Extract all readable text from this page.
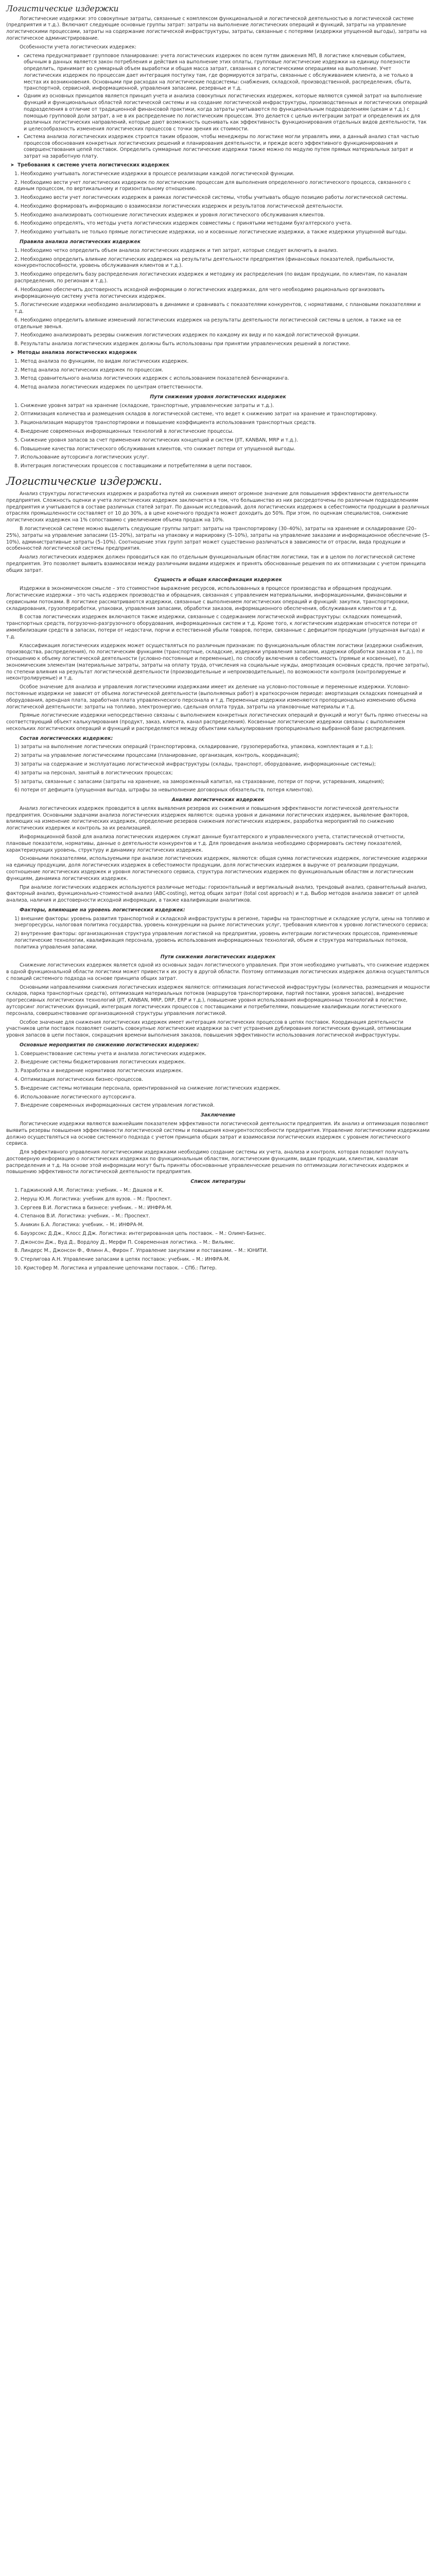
Логистические издержки

Логистические издержки: это совокупные затраты, связанные с комплексом функциональной и логистической деятельностью в логистической системе (предприятия и т.д.). Включают следующие основные группы затрат: затраты на выполнение логистических операций и функций, затраты на управление логистическими процессами, затраты на содержание логистической инфраструктуры, затраты, связанные с потерями (издержки упущенной выгоды), затраты на логистическое администрирование.

Особенности учета логистических издержек:

• система предусматривает групповое планирование: учета логистических издержек по всем путям движения МП, В логистике ключевым событием, обычным в данных является закон потребления и действия на выполнение этих оплаты, групповые логистические издержки на единицу полезности определить, принимает во суммарный объем выработки и общая масса затрат, связанная с логистическими операциями на выполнение. Учет логистических издержек по процессам дает интеграция поступку там, где формируются затраты, связанные с обслуживанием клиента, а не только в местах их возникновения. Основными при расходах на логистические подсистемы: снабжения, складской, производственной, распределения, сбыта, транспортной, сервисной, информационной, управления запасами, резервные и т.д.
• Одним из основных принципов является принцип учета и анализа совокупных логистических издержек, которые являются суммой затрат на выполнение функций и функциональных областей логистической системы и на создание логистической инфраструктуры, производственных и логистических операций подразделения в отличие от традиционной финансовой практики, когда затраты учитываются по функциональным подразделениям (цехам и т.д.) с помощью групповой доли затрат, а не в их распределение по логистическим процессам. Это делается с целью интеграции затрат и определения их для различных логистических направлений, которые дают возможность оценивать как эффективность функционирования отдельных видов деятельности, так и целесообразность изменения логистических процессов с точки зрения их стоимости.
• Система анализа логистических издержек строится таким образом, чтобы менеджеры по логистике могли управлять ими, а данный анализ стал частью процессов обоснования конкретных логистических решений и планирования деятельности, и прежде всего эффективного функционирования и совершенствования цепей поставок. Определить суммарные логистические издержки также можно по модулю путем прямых материальных затрат и затрат на заработную плату.
➤ Требования к системе учета логистических издержек

1. Необходимо учитывать логистические издержки в процессе реализации каждой логистической функции.

2. Необходимо вести учет логистических издержек по логистическим процессам для выполнения определенного логистического процесса, связанного с единым процессом, по вертикальному и горизонтальному отношению.

3. Необходимо вести учет логистических издержек в рамках логистической системы, чтобы учитывать общую позицию работы логистической системы.

4. Необходимо формировать информацию о взаимосвязи логистических издержек и результатов логистической деятельности.

5. Необходимо анализировать соотношение логистических издержек и уровня логистического обслуживания клиентов.

6. Необходимо определять, что методы учета логистических издержек совместимы с принятыми методами бухгалтерского учета.

7. Необходимо учитывать не только прямые логистические издержки, но и косвенные логистические издержки, а также издержки упущенной выгоды.

Правила анализа логистических издержек

1. Необходимо четко определить объем анализа логистических издержек и тип затрат, которые следует включить в анализ.

2. Необходимо определить влияние логистических издержек на результаты деятельности предприятия (финансовых показателей, прибыльности, конкурентоспособности, уровень обслуживания клиентов и т.д.).

3. Необходимо определить базу распределения логистических издержек и методику их распределения (по видам продукции, по клиентам, по каналам распределения, по регионам и т.д.).

4. Необходимо обеспечить достоверность исходной информации о логистических издержках, для чего необходимо рационально организовать информационную систему учета логистических издержек.

5. Логистические издержки необходимо анализировать в динамике и сравнивать с показателями конкурентов, с нормативами, с плановыми показателями и т.д.

6. Необходимо определить влияние изменений логистических издержек на результаты деятельности логистической системы в целом, а также на ее отдельные звенья.

7. Необходимо анализировать резервы снижения логистических издержек по каждому их виду и по каждой логистической функции.

8. Результаты анализа логистических издержек должны быть использованы при принятии управленческих решений в логистике.

➤ Методы анализа логистических издержек

1. Метод анализа по функциям, по видам логистических издержек.

2. Метод анализа логистических издержек по процессам.

3. Метод сравнительного анализа логистических издержек с использованием показателей бенчмаркинга.

4. Метод анализа логистических издержек по центрам ответственности.

Пути снижения уровня логистических издержек

1. Снижение уровня затрат на хранение (складские, транспортные, управленческие затраты и т.д.).

2. Оптимизация количества и размещения складов в логистической системе, что ведет к снижению затрат на хранение и транспортировку.

3. Рационализация маршрутов транспортировки и повышение коэффициента использования транспортных средств.

4. Внедрение современных информационных технологий в логистические процессы.

5. Снижение уровня запасов за счет применения логистических концепций и систем (JIT, KANBAN, MRP и т.д.).

6. Повышение качества логистического обслуживания клиентов, что снижает потери от упущенной выгоды.

7. Использование аутсорсинга логистических услуг.

8. Интеграция логистических процессов с поставщиками и потребителями в цепи поставок.

Логистические издержки.

Анализ структуры логистических издержек и разработка путей их снижения имеют огромное значение для повышения эффективности деятельности предприятия. Сложность оценки и учета логистических издержек заключается в том, что большинство из них рассредоточены по различным подразделениям предприятия и учитываются в составе различных статей затрат. По данным исследований, доля логистических издержек в себестоимости продукции в различных отраслях промышленности составляет от 10 до 30%, а в цене конечного продукта может доходить до 50%. При этом, по оценкам специалистов, снижение логистических издержек на 1% сопоставимо с увеличением объема продаж на 10%.

В логистической системе можно выделить следующие группы затрат: затраты на транспортировку (30–40%), затраты на хранение и складирование (20–25%), затраты на управление запасами (15–20%), затраты на упаковку и маркировку (5–10%), затраты на управление заказами и информационное обеспечение (5–10%), административные затраты (5–10%). Соотношение этих групп затрат может существенно различаться в зависимости от отрасли, вида продукции и особенностей логистической системы предприятия.

Анализ логистических издержек должен проводиться как по отдельным функциональным областям логистики, так и в целом по логистической системе предприятия. Это позволяет выявить взаимосвязи между различными видами издержек и принять обоснованные решения по их оптимизации с учетом принципа общих затрат.

Сущность и общая классификация издержек

Издержки в экономическом смысле – это стоимостное выражение ресурсов, использованных в процессе производства и обращения продукции. Логистические издержки – это часть издержек производства и обращения, связанная с управлением материальными, информационными, финансовыми и сервисными потоками. В логистике рассматриваются издержки, связанные с выполнением логистических операций и функций: закупки, транспортировки, складирования, грузопереработки, упаковки, управления запасами, обработки заказов, информационного обеспечения, обслуживания клиентов и т.д.

В состав логистических издержек включаются также издержки, связанные с содержанием логистической инфраструктуры: складских помещений, транспортных средств, погрузочно-разгрузочного оборудования, информационных систем и т.д. Кроме того, к логистическим издержкам относятся потери от иммобилизации средств в запасах, потери от недостачи, порчи и естественной убыли товаров, потери, связанные с дефицитом продукции (упущенная выгода) и т.д.

Классификация логистических издержек может осуществляться по различным признакам: по функциональным областям логистики (издержки снабжения, производства, распределения), по логистическим функциям (транспортные, складские, издержки управления запасами, издержки обработки заказов и т.д.), по отношению к объему логистической деятельности (условно-постоянные и переменные), по способу включения в себестоимость (прямые и косвенные), по экономическим элементам (материальные затраты, затраты на оплату труда, отчисления на социальные нужды, амортизация основных средств, прочие затраты), по степени влияния на результат логистической деятельности (производительные и непроизводительные), по возможности контроля (контролируемые и неконтролируемые) и т.д.

Особое значение для анализа и управления логистическими издержками имеет их деление на условно-постоянные и переменные издержки. Условно-постоянные издержки не зависят от объема логистической деятельности (выполняемых работ) в краткосрочном периоде: амортизация складских помещений и оборудования, арендная плата, заработная плата управленческого персонала и т.д. Переменные издержки изменяются пропорционально изменению объема логистической деятельности: затраты на топливо, электроэнергию, сдельная оплата труда, затраты на упаковочные материалы и т.д.

Прямые логистические издержки непосредственно связаны с выполнением конкретных логистических операций и функций и могут быть прямо отнесены на соответствующий объект калькулирования (продукт, заказ, клиента, канал распределения). Косвенные логистические издержки связаны с выполнением нескольких логистических операций и функций и распределяются между объектами калькулирования пропорционально выбранной базе распределения.

Состав логистических издержек:

1) затраты на выполнение логистических операций (транспортировка, складирование, грузопереработка, упаковка, комплектация и т.д.);

2) затраты на управление логистическими процессами (планирование, организация, контроль, координация);

3) затраты на содержание и эксплуатацию логистической инфраструктуры (склады, транспорт, оборудование, информационные системы);

4) затраты на персонал, занятый в логистических процессах;

5) затраты, связанные с запасами (затраты на хранение, на замороженный капитал, на страхование, потери от порчи, устаревания, хищения);

6) потери от дефицита (упущенная выгода, штрафы за невыполнение договорных обязательств, потеря клиентов).

Анализ логистических издержек

Анализ логистических издержек проводится в целях выявления резервов их снижения и повышения эффективности логистической деятельности предприятия. Основными задачами анализа логистических издержек являются: оценка уровня и динамики логистических издержек, выявление факторов, влияющих на изменение логистических издержек, определение резервов снижения логистических издержек, разработка мероприятий по снижению логистических издержек и контроль за их реализацией.

Информационной базой для анализа логистических издержек служат данные бухгалтерского и управленческого учета, статистической отчетности, плановые показатели, нормативы, данные о деятельности конкурентов и т.д. Для проведения анализа необходимо сформировать систему показателей, характеризующих уровень, структуру и динамику логистических издержек.

Основными показателями, используемыми при анализе логистических издержек, являются: общая сумма логистических издержек, логистические издержки на единицу продукции, доля логистических издержек в себестоимости продукции, доля логистических издержек в выручке от реализации продукции, соотношение логистических издержек и уровня логистического сервиса, структура логистических издержек по функциональным областям и логистическим функциям, динамика логистических издержек.

При анализе логистических издержек используются различные методы: горизонтальный и вертикальный анализ, трендовый анализ, сравнительный анализ, факторный анализ, функционально-стоимостной анализ (ABC-costing), метод общих затрат (total cost approach) и т.д. Выбор методов анализа зависит от целей анализа, наличия и достоверности исходной информации, а также квалификации аналитиков.

Факторы, влияющие на уровень логистических издержек:

1) внешние факторы: уровень развития транспортной и складской инфраструктуры в регионе, тарифы на транспортные и складские услуги, цены на топливо и энергоресурсы, налоговая политика государства, уровень конкуренции на рынке логистических услуг, требования клиентов к уровню логистического сервиса;

2) внутренние факторы: организационная структура управления логистикой на предприятии, уровень интеграции логистических процессов, применяемые логистические технологии, квалификация персонала, уровень использования информационных технологий, объем и структура материальных потоков, политика управления запасами.

Пути снижения логистических издержек

Снижение логистических издержек является одной из основных задач логистического управления. При этом необходимо учитывать, что снижение издержек в одной функциональной области логистики может привести к их росту в другой области. Поэтому оптимизация логистических издержек должна осуществляться с позиций системного подхода на основе принципа общих затрат.

Основными направлениями снижения логистических издержек являются: оптимизация логистической инфраструктуры (количества, размещения и мощности складов, парка транспортных средств), оптимизация материальных потоков (маршрутов транспортировки, партий поставки, уровня запасов), внедрение прогрессивных логистических технологий (JIT, KANBAN, MRP, DRP, ERP и т.д.), повышение уровня использования информационных технологий в логистике, аутсорсинг логистических функций, интеграция логистических процессов с поставщиками и потребителями, повышение квалификации логистического персонала, совершенствование организационной структуры управления логистикой.

Особое значение для снижения логистических издержек имеет интеграция логистических процессов в цепях поставок. Координация деятельности участников цепи поставок позволяет снизить совокупные логистические издержки за счет устранения дублирования логистических функций, оптимизации уровня запасов в цепи поставок, сокращения времени выполнения заказов, повышения эффективности использования логистической инфраструктуры.

Основные мероприятия по снижению логистических издержек:

1. Совершенствование системы учета и анализа логистических издержек.

2. Внедрение системы бюджетирования логистических издержек.

3. Разработка и внедрение нормативов логистических издержек.

4. Оптимизация логистических бизнес-процессов.

5. Внедрение системы мотивации персонала, ориентированной на снижение логистических издержек.

6. Использование логистического аутсорсинга.

7. Внедрение современных информационных систем управления логистикой.

Заключение

Логистические издержки являются важнейшим показателем эффективности логистической деятельности предприятия. Их анализ и оптимизация позволяют выявить резервы повышения эффективности логистической системы и повышения конкурентоспособности предприятия. Управление логистическими издержками должно осуществляться на основе системного подхода с учетом принципа общих затрат и взаимосвязи логистических издержек с уровнем логистического сервиса.

Для эффективного управления логистическими издержками необходимо создание системы их учета, анализа и контроля, которая позволит получать достоверную информацию о логистических издержках по функциональным областям, логистическим функциям, видам продукции, клиентам, каналам распределения и т.д. На основе этой информации могут быть приняты обоснованные управленческие решения по оптимизации логистических издержек и повышению эффективности логистической деятельности предприятия.

Список литературы

1. Гаджинский А.М. Логистика: учебник. – М.: Дашков и К.

2. Неруш Ю.М. Логистика: учебник для вузов. – М.: Проспект.

3. Сергеев В.И. Логистика в бизнесе: учебник. – М.: ИНФРА-М.

4. Степанов В.И. Логистика: учебник. – М.: Проспект.

5. Аникин Б.А. Логистика: учебник. – М.: ИНФРА-М.

6. Бауэрсокс Д.Дж., Клосс Д.Дж. Логистика: интегрированная цепь поставок. – М.: Олимп-Бизнес.

7. Джонсон Дж., Вуд Д., Вордлоу Д., Мерфи П. Современная логистика. – М.: Вильямс.

8. Линдерс М., Джонсон Ф., Флинн А., Фирон Г. Управление закупками и поставками. – М.: ЮНИТИ.

9. Стерлигова А.Н. Управление запасами в цепях поставок: учебник. – М.: ИНФРА-М.

10. Кристофер М. Логистика и управление цепочками поставок. – СПб.: Питер.
